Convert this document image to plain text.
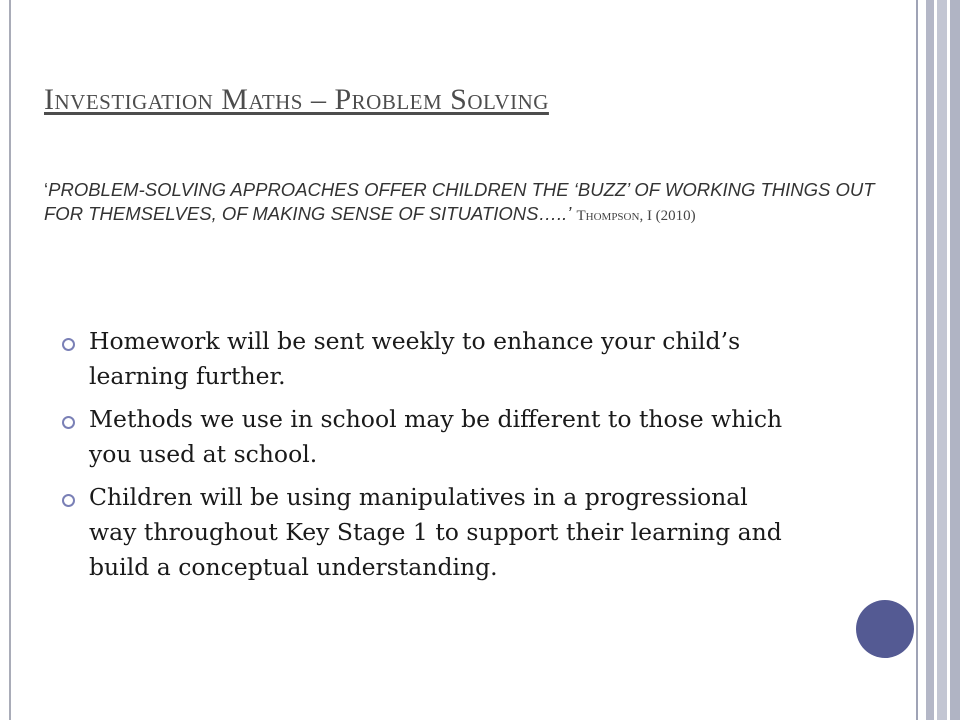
Investigation Maths – Problem Solving

‘PROBLEM-SOLVING APPROACHES OFFER CHILDREN THE ‘BUZZ’ OF WORKING THINGS OUT FOR THEMSELVES, OF MAKING SENSE OF SITUATIONS…..’ Thompson, I (2010)

Homework will be sent weekly to enhance your child’s learning further.
Methods we use in school may be different to those which you used at school.
Children will be using manipulatives in a progressional way throughout Key Stage 1 to support their learning and build a conceptual understanding.
